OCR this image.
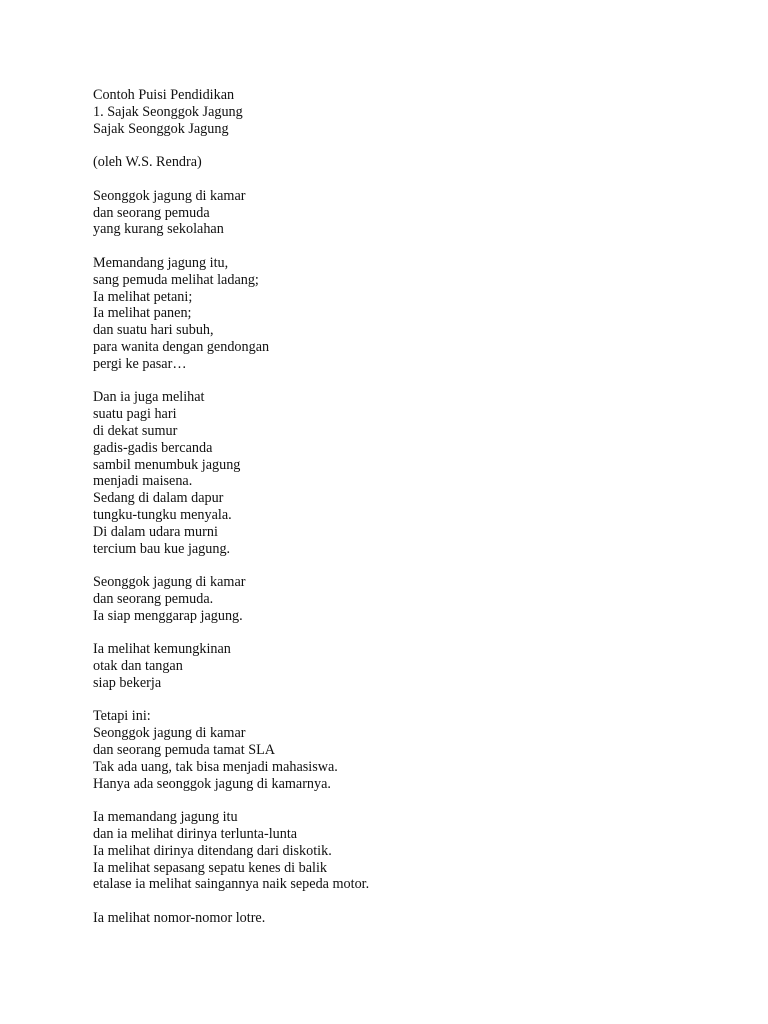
Contoh Puisi Pendidikan
1. Sajak Seonggok Jagung
Sajak Seonggok Jagung
(oleh W.S. Rendra)
Seonggok jagung di kamar
dan seorang pemuda
yang kurang sekolahan
Memandang jagung itu,
sang pemuda melihat ladang;
Ia melihat petani;
Ia melihat panen;
dan suatu hari subuh,
para wanita dengan gendongan
pergi ke pasar…
Dan ia juga melihat
suatu pagi hari
di dekat sumur
gadis-gadis bercanda
sambil menumbuk jagung
menjadi maisena.
Sedang di dalam dapur
tungku-tungku menyala.
Di dalam udara murni
tercium bau kue jagung.
Seonggok jagung di kamar
dan seorang pemuda.
Ia siap menggarap jagung.
Ia melihat kemungkinan
otak dan tangan
siap bekerja
Tetapi ini:
Seonggok jagung di kamar
dan seorang pemuda tamat SLA
Tak ada uang, tak bisa menjadi mahasiswa.
Hanya ada seonggok jagung di kamarnya.
Ia memandang jagung itu
dan ia melihat dirinya terlunta-lunta
Ia melihat dirinya ditendang dari diskotik.
Ia melihat sepasang sepatu kenes di balik
etalase ia melihat saingannya naik sepeda motor.
Ia melihat nomor-nomor lotre.
